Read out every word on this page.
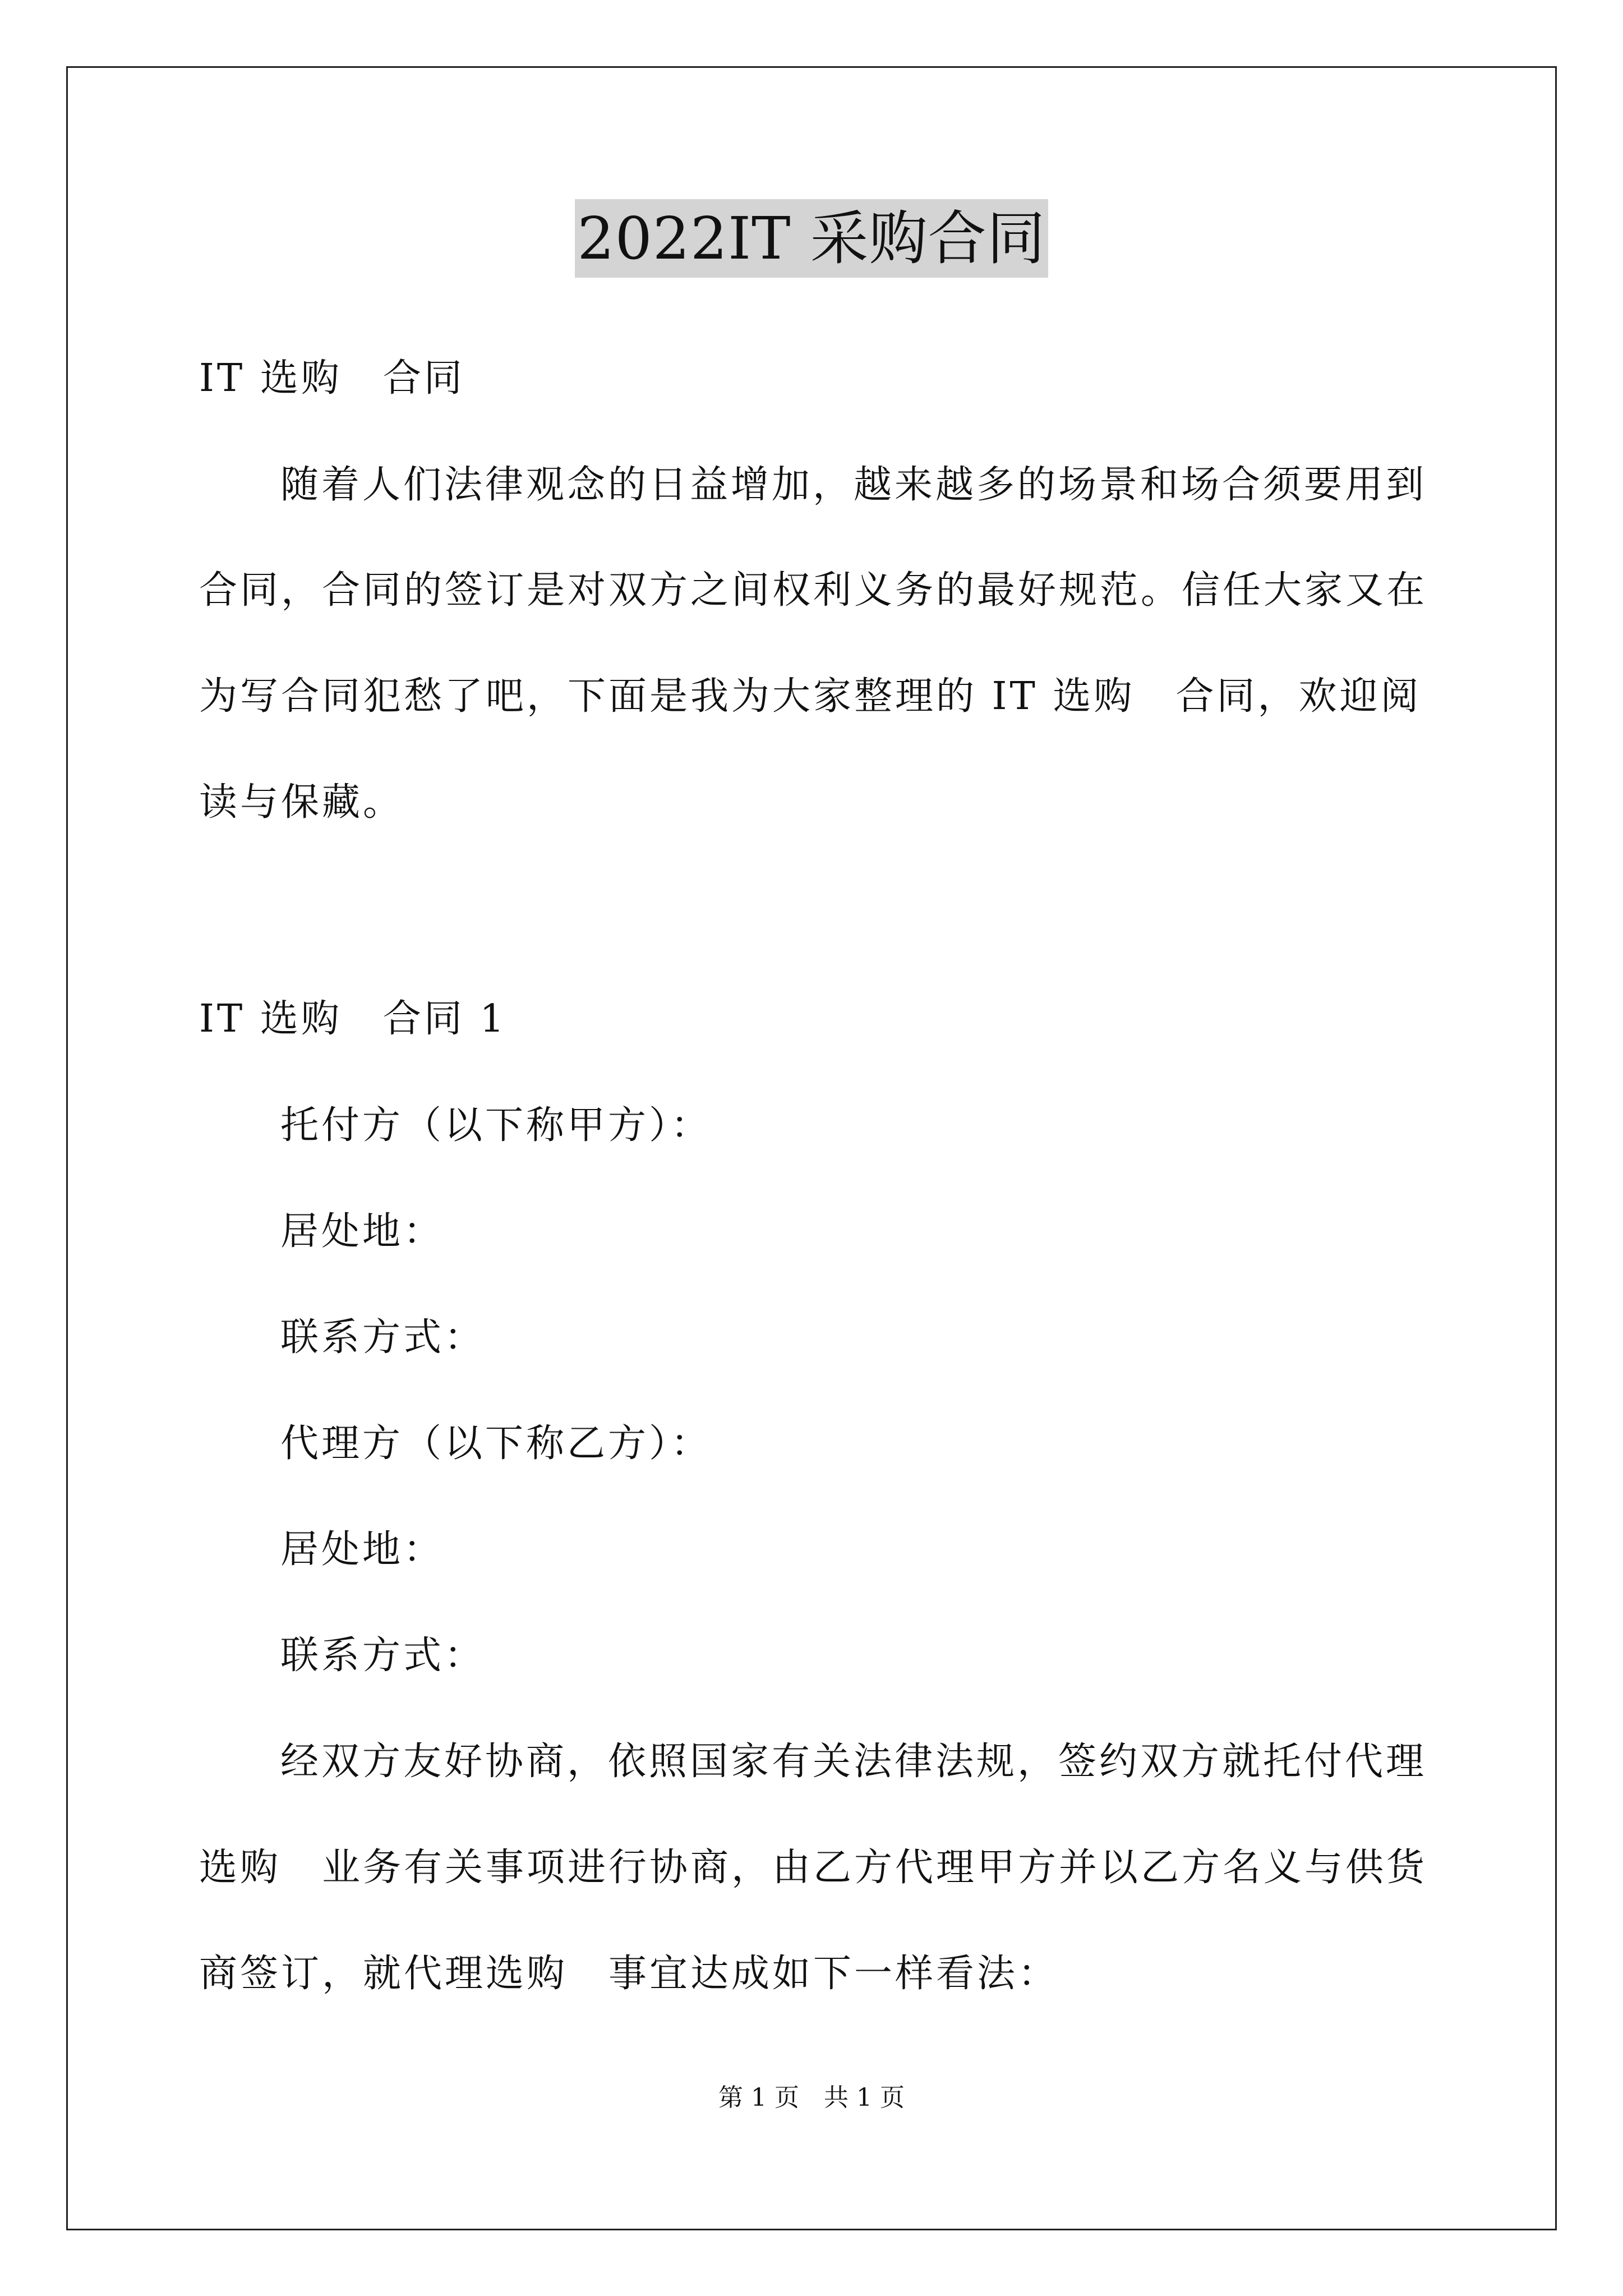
2022IT 采购合同
IT 选购　合同
随着人们法律观念的日益增加，越来越多的场景和场合须要用到
合同，合同的签订是对双方之间权利义务的最好规范。信任大家又在
为写合同犯愁了吧，下面是我为大家整理的 IT 选购　合同，欢迎阅
读与保藏。
IT 选购　合同 1
托付方（以下称甲方）：
居处地：
联系方式：
代理方（以下称乙方）：
居处地：
联系方式：
经双方友好协商，依照国家有关法律法规，签约双方就托付代理
选购　业务有关事项进行协商，由乙方代理甲方并以乙方名义与供货
商签订，就代理选购　事宜达成如下一样看法：
第 1 页　共 1 页
